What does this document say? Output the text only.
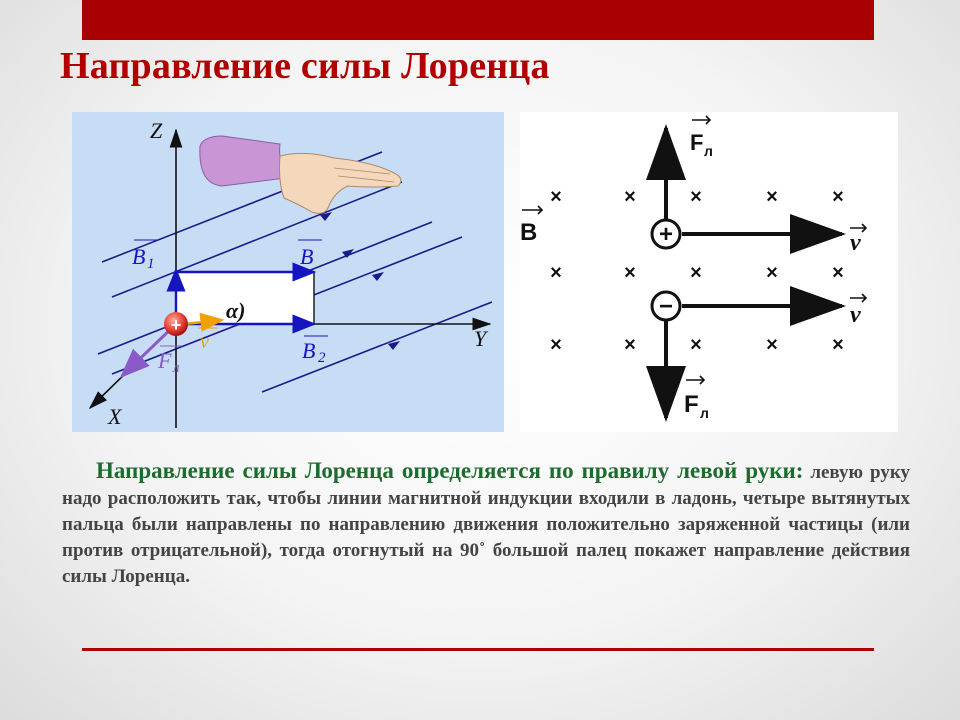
Направление силы Лоренца
+
Z
Y
X
B 1	B
B 2
F л
v
α)
×	×	×	×	×
×	×	×	×	×
×	×	×	×	×
+
−
F л
F л
B	v
v
Направление силы Лоренца определяется по правилу левой руки: левую руку надо расположить так, чтобы линии магнитной индукции входили в ладонь, четыре вытянутых пальца были направлены по направлению движения положительно заряженной частицы (или против отрицательной), тогда отогнутый на 90˚ большой палец покажет направление действия силы Лоренца.
